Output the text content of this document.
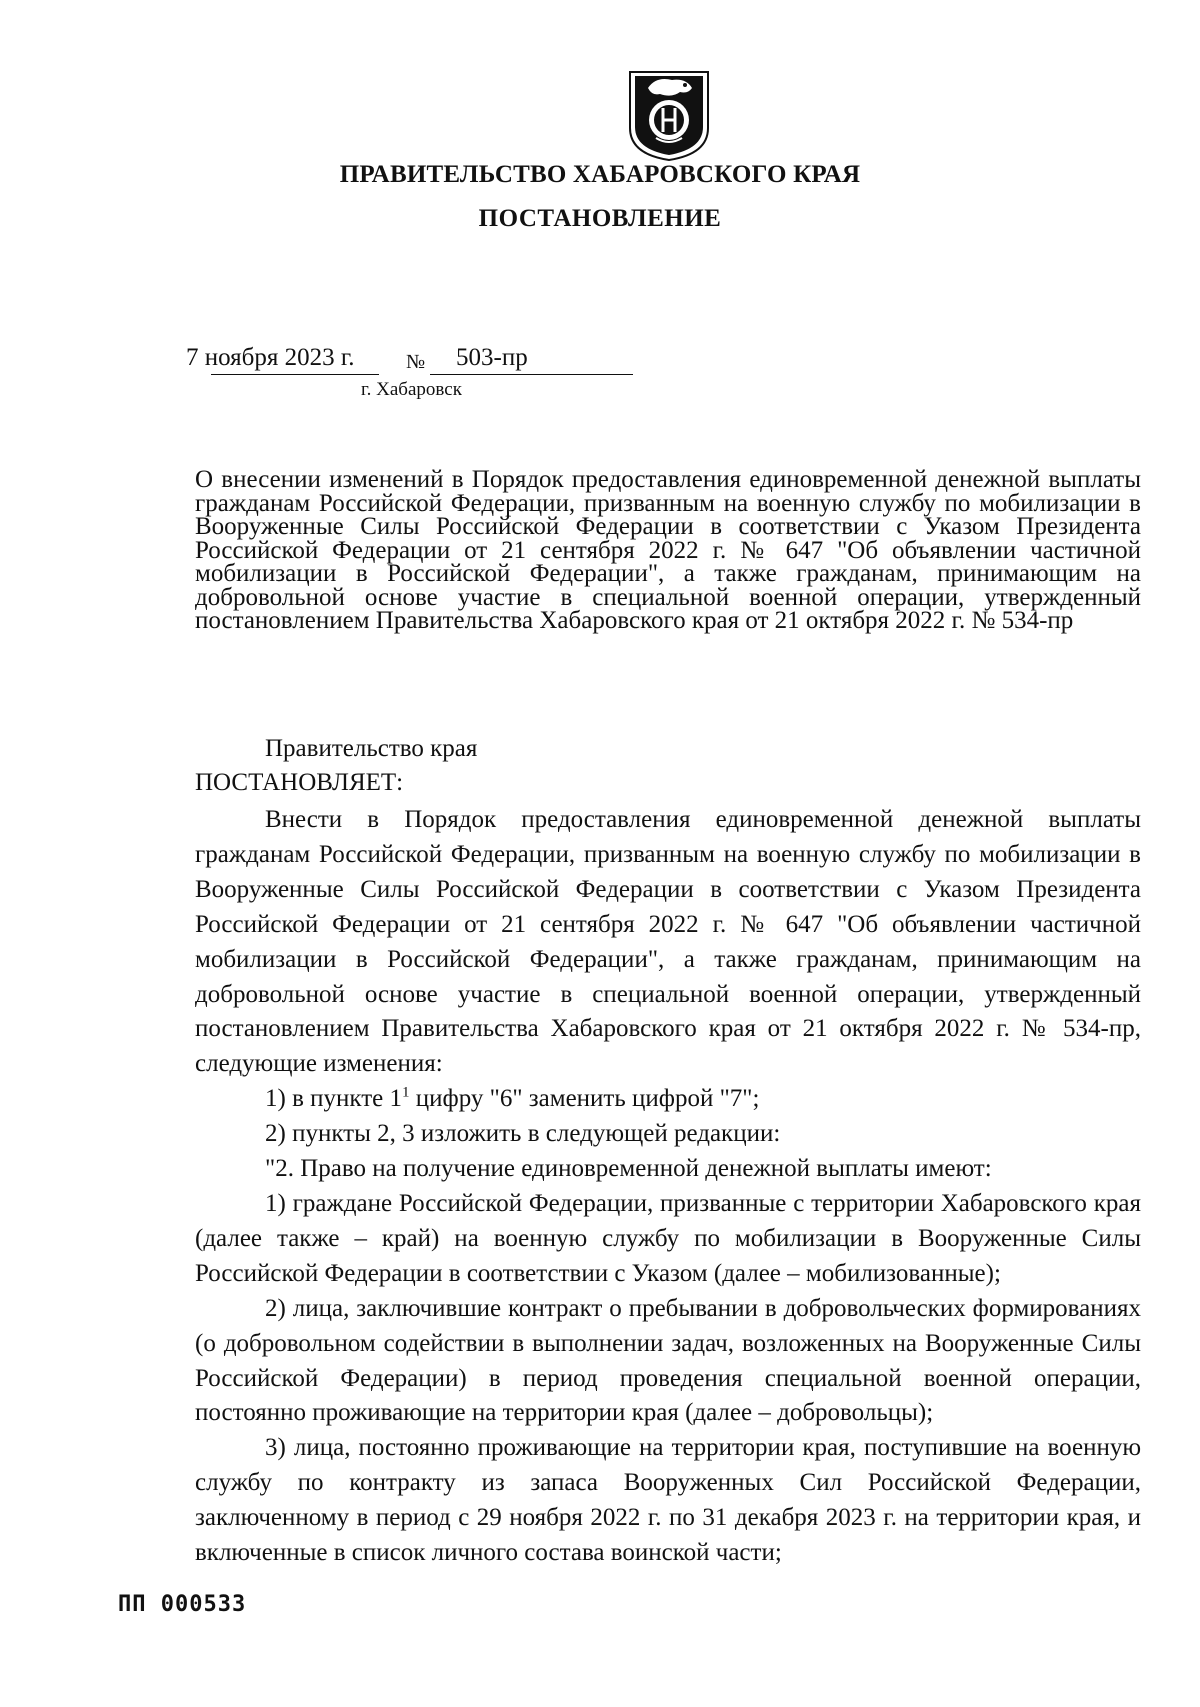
ПРАВИТЕЛЬСТВО ХАБАРОВСКОГО КРАЯ
ПОСТАНОВЛЕНИЕ
7 ноября 2023 г.	№ 503-пр
г. Хабаровск
О внесении изменений в Порядок предоставления единовременной денежной выплаты гражданам Российской Федерации, призванным на военную службу по мобилизации в Вооруженные Силы Российской Федерации в соответствии с Указом Президента Российской Федерации от 21 сентября 2022 г. № 647 "Об объявлении частичной мобилизации в Российской Федерации", а также гражданам, принимающим на добровольной основе участие в специальной военной операции, утвержденный постановлением Правительства Хабаровского края от 21 октября 2022 г. № 534-пр
Правительство края
ПОСТАНОВЛЯЕТ:

Внести в Порядок предоставления единовременной денежной выплаты гражданам Российской Федерации, призванным на военную службу по мобилизации в Вооруженные Силы Российской Федерации в соответствии с Указом Президента Российской Федерации от 21 сентября 2022 г. № 647 "Об объявлении частичной мобилизации в Российской Федерации", а также гражданам, принимающим на добровольной основе участие в специальной военной операции, утвержденный постановлением Правительства Хабаровского края от 21 октября 2022 г. № 534-пр, следующие изменения:

1) в пункте $1^1$ цифру "6" заменить цифрой "7";

2) пункты 2, 3 изложить в следующей редакции:

"2. Право на получение единовременной денежной выплаты имеют:

1) граждане Российской Федерации, призванные с территории Хабаровского края (далее также – край) на военную службу по мобилизации в Вооруженные Силы Российской Федерации в соответствии с Указом (далее – мобилизованные);

2) лица, заключившие контракт о пребывании в добровольческих формированиях (о добровольном содействии в выполнении задач, возложенных на Вооруженные Силы Российской Федерации) в период проведения специальной военной операции, постоянно проживающие на территории края (далее – добровольцы);

3) лица, постоянно проживающие на территории края, поступившие на военную службу по контракту из запаса Вооруженных Сил Российской Федерации, заключенному в период с 29 ноября 2022 г. по 31 декабря 2023 г. на территории края, и включенные в список личного состава воинской части;

ПП 000533
